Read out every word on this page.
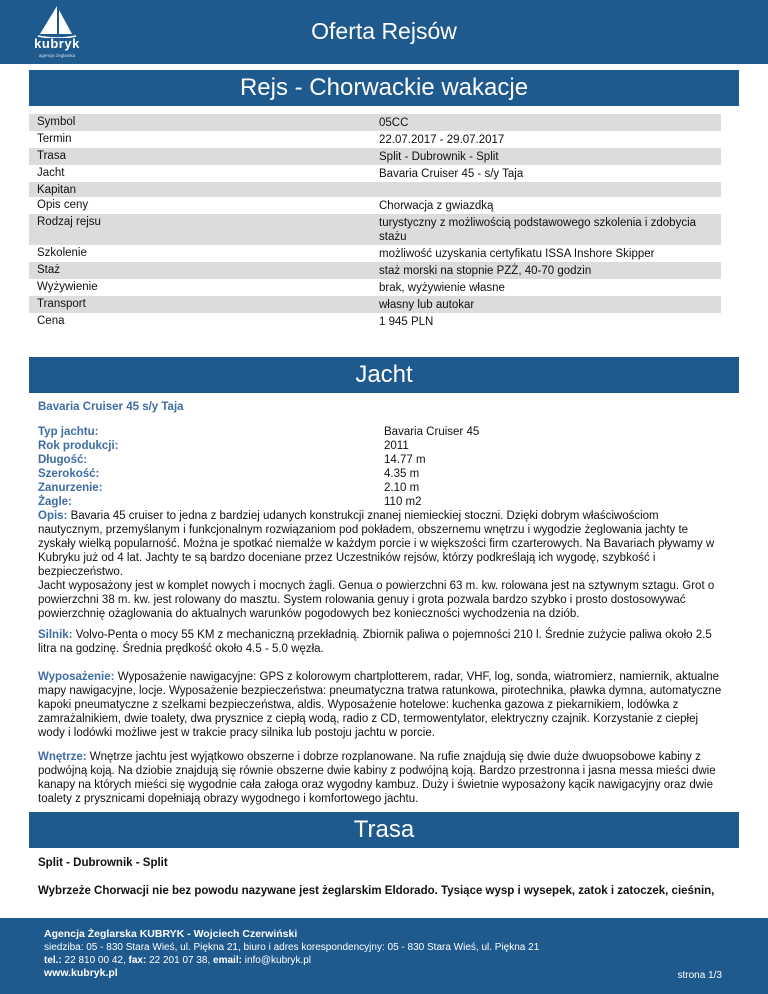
kubryk
agencja żeglarska
Oferta Rejsów
Rejs - Chorwackie wakacje
Symbol	05CC
Termin	22.07.2017 - 29.07.2017
Trasa	Split - Dubrownik - Split
Jacht	Bavaria Cruiser 45 - s/y Taja
Kapitan
Opis ceny	Chorwacja z gwiazdką
Rodzaj rejsu	turystyczny z możliwością podstawowego szkolenia i zdobycia stażu
Szkolenie	możliwość uzyskania certyfikatu ISSA Inshore Skipper
Staż	staż morski na stopnie PZŻ, 40-70 godzin
Wyżywienie	brak, wyżywienie własne
Transport	własny lub autokar
Cena	1 945 PLN
Jacht
Bavaria Cruiser 45 s/y Taja
Typ jachtu:	Bavaria Cruiser 45
Rok produkcji:	2011
Długość:	14.77 m
Szerokość:	4.35 m
Zanurzenie:	2.10 m
Żagle:	110 m2
Opis: Bavaria 45 cruiser to jedna z bardziej udanych konstrukcji znanej niemieckiej stoczni. Dzięki dobrym właściwościom nautycznym, przemyślanym i funkcjonalnym rozwiązaniom pod pokładem, obszernemu wnętrzu i wygodzie żeglowania jachty te zyskały wielką popularność. Można je spotkać niemalże w każdym porcie i w większości firm czarterowych. Na Bavariach pływamy w Kubryku już od 4 lat. Jachty te są bardzo doceniane przez Uczestników rejsów, którzy podkreślają ich wygodę, szybkość i bezpieczeństwo.
Jacht wyposażony jest w komplet nowych i mocnych żagli. Genua o powierzchni 63 m. kw. rolowana jest na sztywnym sztagu. Grot o powierzchni 38 m. kw. jest rolowany do masztu. System rolowania genuy i grota pozwala bardzo szybko i prosto dostosowywać powierzchnię ożaglowania do aktualnych warunków pogodowych bez konieczności wychodzenia na dziób.
Silnik: Volvo-Penta o mocy 55 KM z mechaniczną przekładnią. Zbiornik paliwa o pojemności 210 l. Średnie zużycie paliwa około 2.5 litra na godzinę. Średnia prędkość około 4.5 - 5.0 węzła.
Wyposażenie: Wyposażenie nawigacyjne: GPS z kolorowym chartplotterem, radar, VHF, log, sonda, wiatromierz, namiernik, aktualne mapy nawigacyjne, locje. Wyposażenie bezpieczeństwa: pneumatyczna tratwa ratunkowa, pirotechnika, pławka dymna, automatyczne kapoki pneumatyczne z szelkami bezpieczeństwa, aldis. Wyposażenie hotelowe: kuchenka gazowa z piekarnikiem, lodówka z zamrażalnikiem, dwie toalety, dwa prysznice z ciepłą wodą, radio z CD, termowentylator, elektryczny czajnik. Korzystanie z ciepłej wody i lodówki możliwe jest w trakcie pracy silnika lub postoju jachtu w porcie.
Wnętrze: Wnętrze jachtu jest wyjątkowo obszerne i dobrze rozplanowane. Na rufie znajdują się dwie duże dwuopsobowe kabiny z podwójną koją. Na dziobie znajdują się równie obszerne dwie kabiny z podwójną koją. Bardzo przestronna i jasna messa mieści dwie kanapy na których mieści się wygodnie cała załoga oraz wygodny kambuz. Duży i świetnie wyposażony kącik nawigacyjny oraz dwie toalety z prysznicami dopełniają obrazy wygodnego i komfortowego jachtu.
Trasa
Split - Dubrownik - Split
Wybrzeże Chorwacji nie bez powodu nazywane jest żeglarskim Eldorado. Tysiące wysp i wysepek, zatok i zatoczek, cieśnin,
Agencja Żeglarska KUBRYK - Wojciech Czerwiński
siedziba: 05 - 830 Stara Wieś, ul. Piękna 21, biuro i adres korespondencyjny: 05 - 830 Stara Wieś, ul. Piękna 21
tel.: 22 810 00 42, fax: 22 201 07 38, email: info@kubryk.pl
www.kubryk.pl	strona 1/3
